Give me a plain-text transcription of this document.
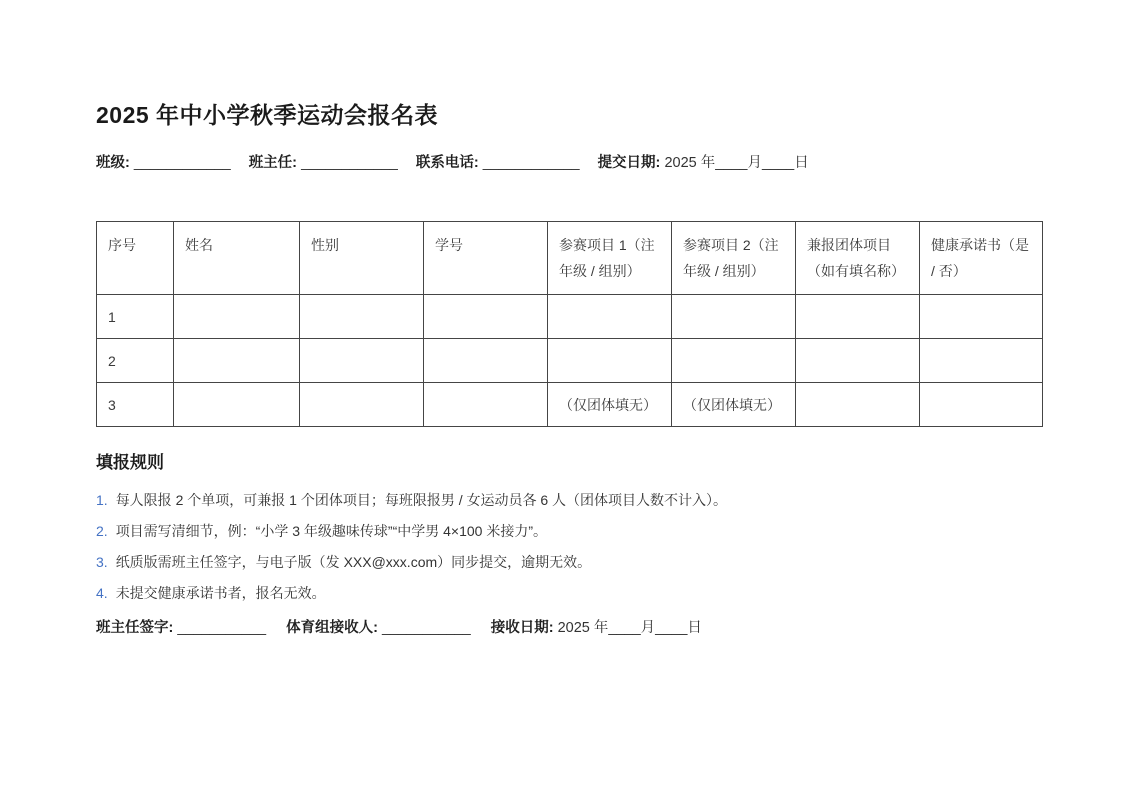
2025 年中小学秋季运动会报名表
班级: ____________ 班主任: ____________ 联系电话: ____________ 提交日期: 2025 年____月____日
序号	姓名	性别	学号	参赛项目 1（注年级 / 组别）	参赛项目 2（注年级 / 组别）	兼报团体项目 （如有填名称）	健康承诺书（是 / 否）
1							
2							
3				（仅团体填无）	（仅团体填无）		
填报规则
1. 每人限报 2 个单项，可兼报 1 个团体项目；每班限报男 / 女运动员各 6 人（团体项目人数不计入）。
2. 项目需写清细节，例：“小学 3 年级趣味传球”“中学男 4×100 米接力”。
3. 纸质版需班主任签字，与电子版（发 XXX@xxx.com）同步提交，逾期无效。
4. 未提交健康承诺书者，报名无效。
班主任签字: ___________ 体育组接收人: ___________ 接收日期: 2025 年____月____日
